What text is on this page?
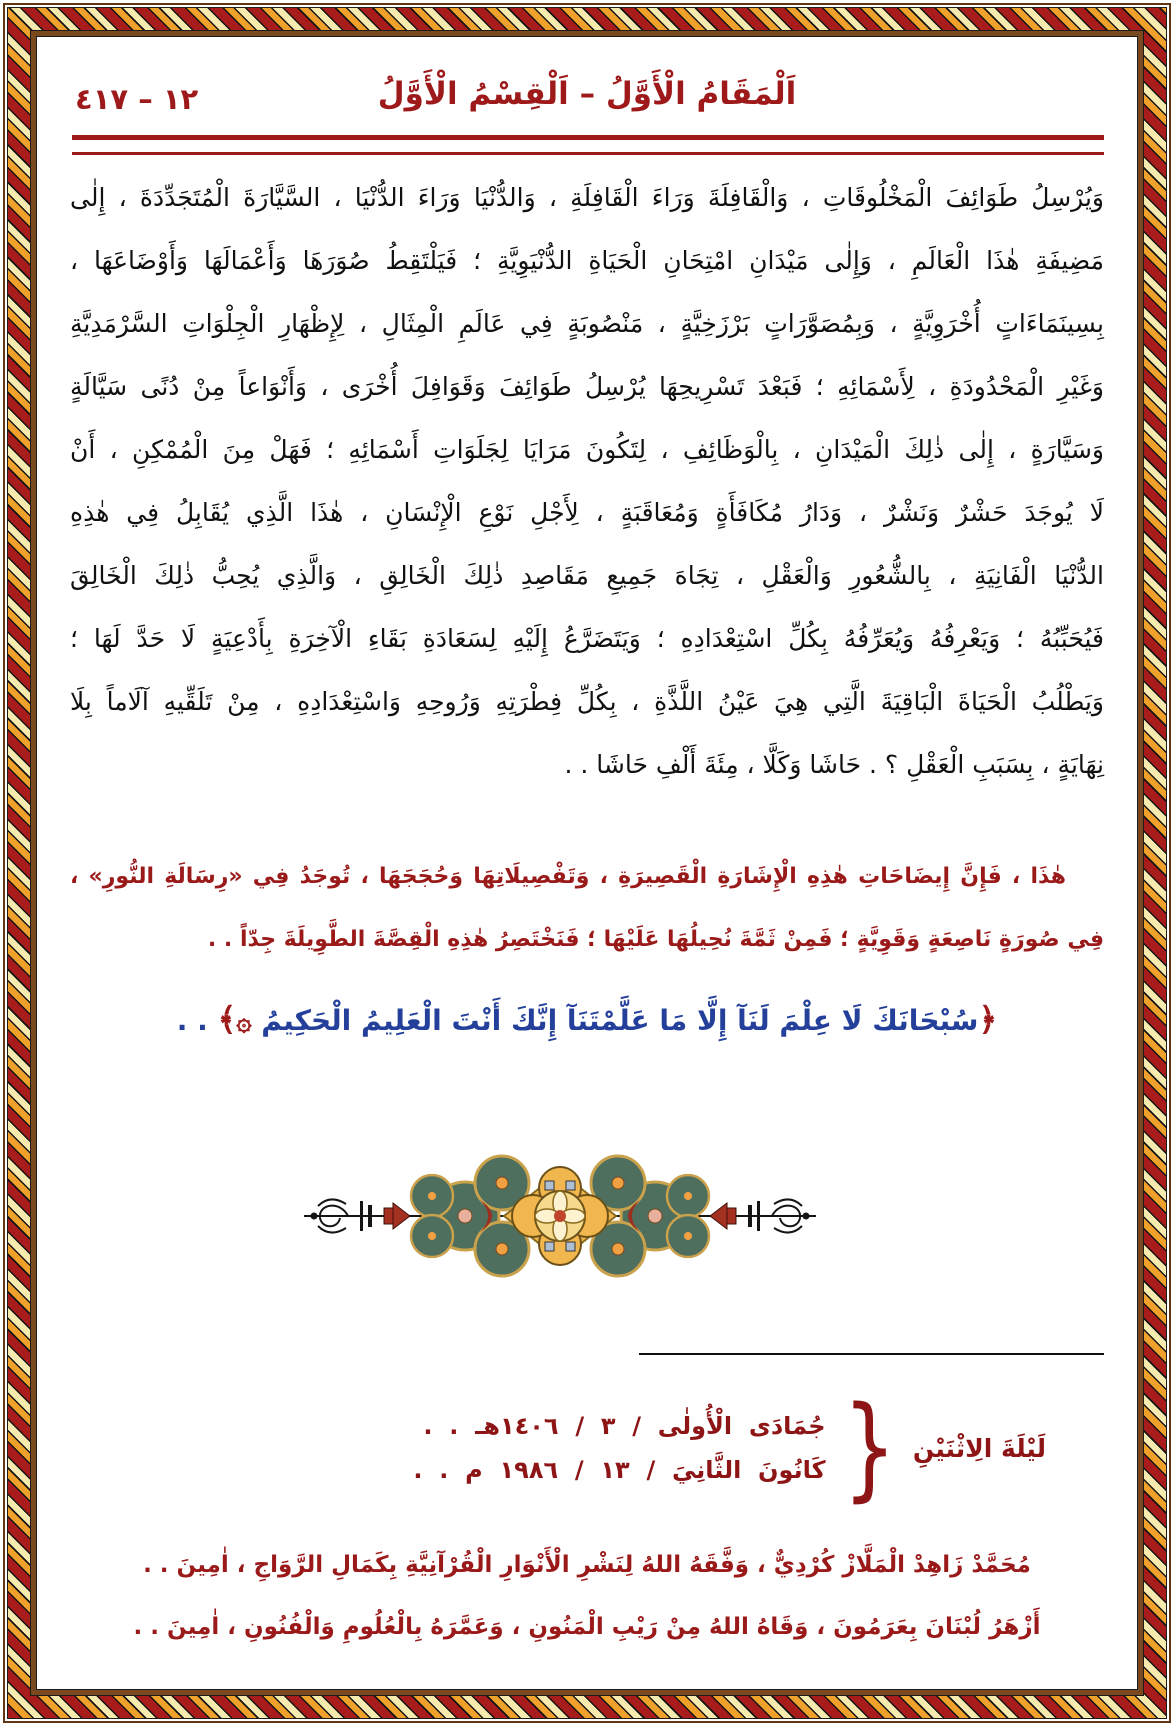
١٢ – ٤١٧	اَلْمَقَامُ الْأَوَّلُ – اَلْقِسْمُ الْأَوَّلُ
وَيُرْسِلُ طَوَائِفَ الْمَخْلُوقَاتِ ، وَالْقَافِلَةَ وَرَاءَ الْقَافِلَةِ ، وَالدُّنْيَا وَرَاءَ الدُّنْيَا ، السَّيَّارَةَ الْمُتَجَدِّدَةَ ، إِلٰى
مَضِيفَةِ هٰذَا الْعَالَمِ ، وَإِلٰى مَيْدَانِ امْتِحَانِ الْحَيَاةِ الدُّنْيَوِيَّةِ ؛ فَيَلْتَقِطُ صُوَرَهَا وَأَعْمَالَهَا وَأَوْضَاعَهَا ،
بِسِينَمَاءَاتٍ أُخْرَوِيَّةٍ ، وَبِمُصَوَّرَاتٍ بَرْزَخِيَّةٍ ، مَنْصُوبَةٍ فِي عَالَمِ الْمِثَالِ ، لِإِظْهَارِ الْجِلْوَاتِ السَّرْمَدِيَّةِ
وَغَيْرِ الْمَحْدُودَةِ ، لِأَسْمَائِهِ ؛ فَبَعْدَ تَسْرِيحِهَا يُرْسِلُ طَوَائِفَ وَقَوَافِلَ أُخْرَى ، وَأَنْوَاعاً مِنْ دُنًى سَيَّالَةٍ
وَسَيَّارَةٍ ، إِلٰى ذٰلِكَ الْمَيْدَانِ ، بِالْوَظَائِفِ ، لِتَكُونَ مَرَايَا لِجَلَوَاتِ أَسْمَائِهِ ؛ فَهَلْ مِنَ الْمُمْكِنِ ، أَنْ
لَا يُوجَدَ حَشْرٌ وَنَشْرٌ ، وَدَارُ مُكَافَأَةٍ وَمُعَاقَبَةٍ ، لِأَجْلِ نَوْعِ الْإِنْسَانِ ، هٰذَا الَّذِي يُقَابِلُ فِي هٰذِهِ
الدُّنْيَا الْفَانِيَةِ ، بِالشُّعُورِ وَالْعَقْلِ ، تِجَاهَ جَمِيعِ مَقَاصِدِ ذٰلِكَ الْخَالِقِ ، وَالَّذِي يُحِبُّ ذٰلِكَ الْخَالِقَ
فَيُحَبِّبُهُ ؛ وَيَعْرِفُهُ وَيُعَرِّفُهُ بِكُلِّ اسْتِعْدَادِهِ ؛ وَيَتَضَرَّعُ إِلَيْهِ لِسَعَادَةِ بَقَاءِ الْآخِرَةِ بِأَدْعِيَةٍ لَا حَدَّ لَهَا ؛
وَيَطْلُبُ الْحَيَاةَ الْبَاقِيَةَ الَّتِي هِيَ عَيْنُ اللَّذَّةِ ، بِكُلِّ فِطْرَتِهِ وَرُوحِهِ وَاسْتِعْدَادِهِ ، مِنْ تَلَقِّيهِ آلَاماً بِلَا
نِهَايَةٍ ، بِسَبَبِ الْعَقْلِ ؟ . حَاشَا وَكَلَّا ، مِئَةَ أَلْفِ حَاشَا . .
هٰذَا ، فَإِنَّ إِيضَاحَاتِ هٰذِهِ الْإِشَارَةِ الْقَصِيرَةِ ، وَتَفْصِيلَاتِهَا وَحُجَجَهَا ، تُوجَدُ فِي «رِسَالَةِ النُّورِ» ،
فِي صُورَةٍ نَاصِعَةٍ وَقَوِيَّةٍ ؛ فَمِنْ ثَمَّةَ نُحِيلُهَا عَلَيْهَا ؛ فَنَخْتَصِرُ هٰذِهِ الْقِصَّةَ الطَّوِيلَةَ جِدّاً . .
﴿سُبْحَانَكَ لَا عِلْمَ لَنَآ إِلَّا مَا عَلَّمْتَنَآ إِنَّكَ أَنْتَ الْعَلِيمُ الْحَكِيمُ ۞﴾ . .
لَيْلَةَ الِاثْنَيْنِ
}
جُمَادَى الْأُولٰى / ٣ / ١٤٠٦هـ . .
كَانُونَ الثَّانِيَ / ١٣ / ١٩٨٦ م . .
مُحَمَّدْ زَاهِدْ الْمَلَّازْ كُرْدِيٌّ ، وَفَّقَهُ اللهُ لِنَشْرِ الْأَنْوَارِ الْقُرْآنِيَّةِ بِكَمَالِ الرَّوَاجِ ، اٰمِينَ . .
أَزْهَرُ لُبْنَانَ بِعَرَمُونَ ، وَقَاهُ اللهُ مِنْ رَيْبِ الْمَنُونِ ، وَعَمَّرَهُ بِالْعُلُومِ وَالْفُنُونِ ، اٰمِينَ . .
